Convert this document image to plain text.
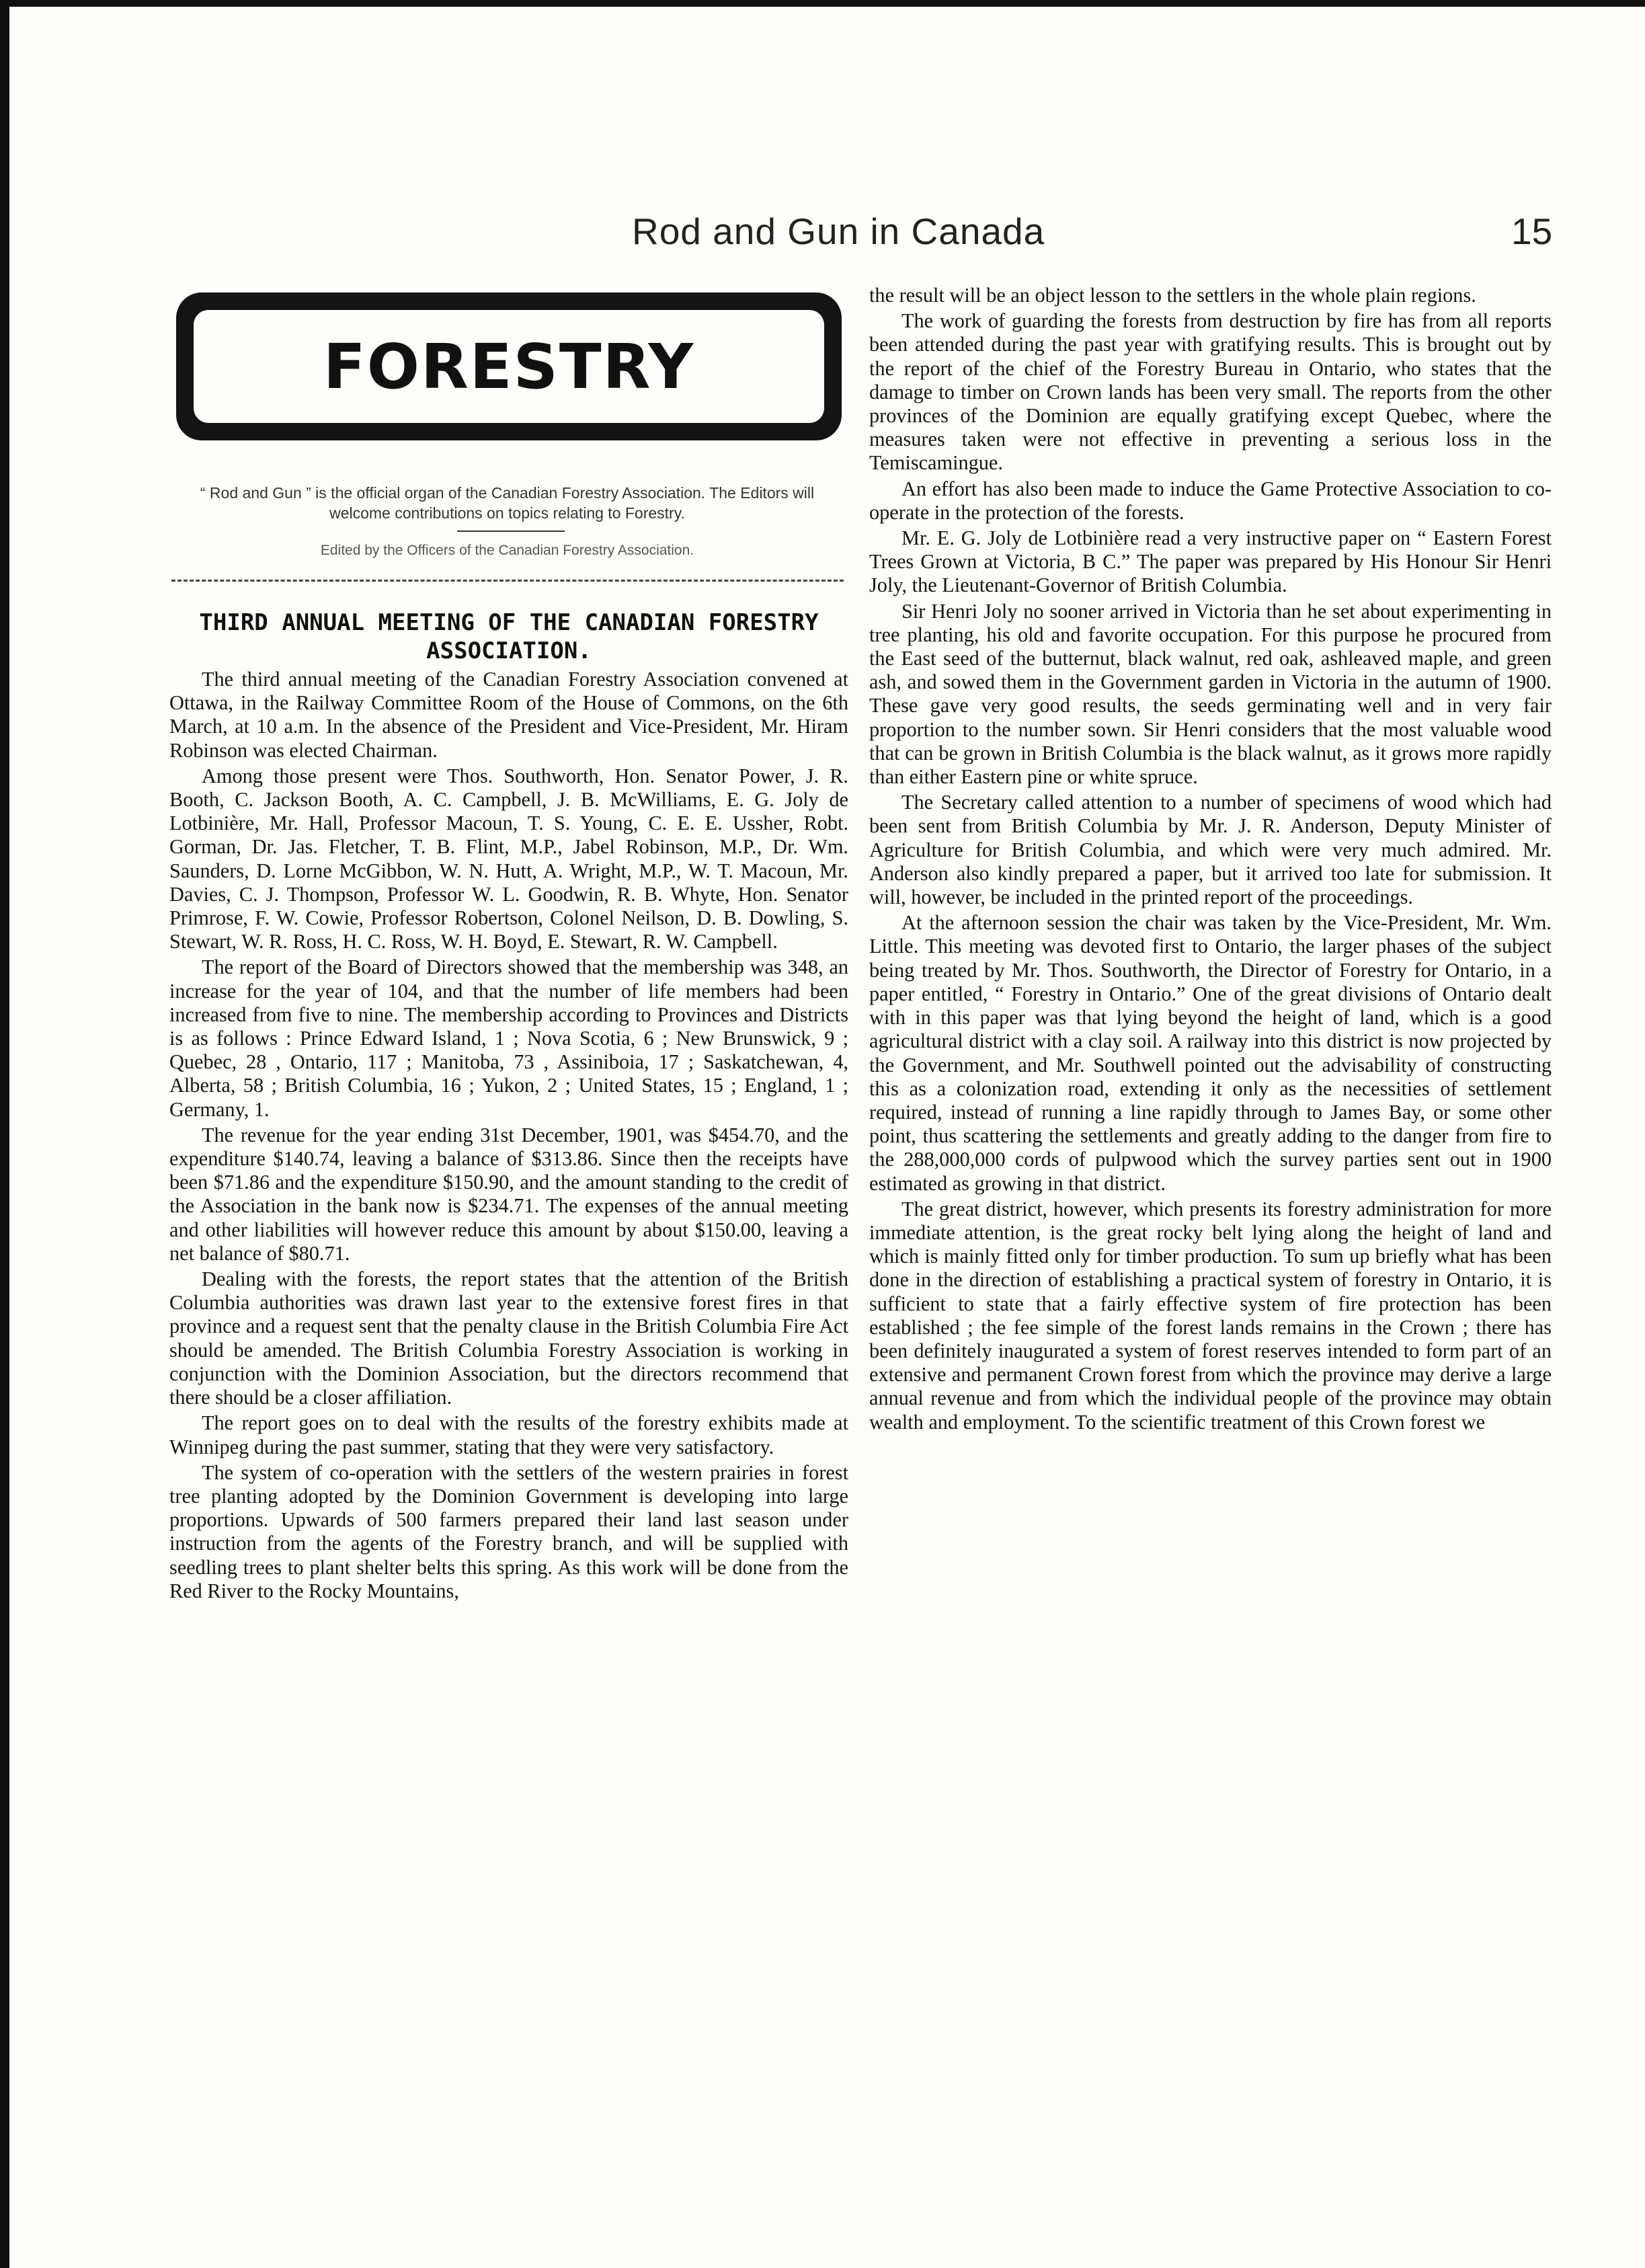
Rod and Gun in Canada	15
FORESTRY
“ Rod and Gun ” is the official organ of the Canadian Forestry Association. The Editors will welcome contributions on topics relating to Forestry.
Edited by the Officers of the Canadian Forestry Association.
THIRD ANNUAL MEETING OF THE CANADIAN FORESTRY ASSOCIATION.

The third annual meeting of the Canadian Forestry Association convened at Ottawa, in the Railway Committee Room of the House of Commons, on the 6th March, at 10 a.m. In the absence of the President and Vice-President, Mr. Hiram Robinson was elected Chairman.

Among those present were Thos. Southworth, Hon. Senator Power, J. R. Booth, C. Jackson Booth, A. C. Campbell, J. B. McWilliams, E. G. Joly de Lotbinière, Mr. Hall, Professor Macoun, T. S. Young, C. E. E. Ussher, Robt. Gorman, Dr. Jas. Fletcher, T. B. Flint, M.P., Jabel Robinson, M.P., Dr. Wm. Saunders, D. Lorne McGibbon, W. N. Hutt, A. Wright, M.P., W. T. Macoun, Mr. Davies, C. J. Thompson, Professor W. L. Goodwin, R. B. Whyte, Hon. Senator Primrose, F. W. Cowie, Professor Robertson, Colonel Neilson, D. B. Dowling, S. Stewart, W. R. Ross, H. C. Ross, W. H. Boyd, E. Stewart, R. W. Campbell.

The report of the Board of Directors showed that the membership was 348, an increase for the year of 104, and that the number of life members had been increased from five to nine. The membership according to Provinces and Districts is as follows : Prince Edward Island, 1 ; Nova Scotia, 6 ; New Brunswick, 9 ; Quebec, 28 , Ontario, 117 ; Manitoba, 73 , Assiniboia, 17 ; Saskatchewan, 4, Alberta, 58 ; British Columbia, 16 ; Yukon, 2 ; United States, 15 ; England, 1 ; Germany, 1.

The revenue for the year ending 31st December, 1901, was $454.70, and the expenditure $140.74, leaving a balance of $313.86. Since then the receipts have been $71.86 and the expenditure $150.90, and the amount standing to the credit of the Association in the bank now is $234.71. The expenses of the annual meeting and other liabilities will however reduce this amount by about $150.00, leaving a net balance of $80.71.

Dealing with the forests, the report states that the attention of the British Columbia authorities was drawn last year to the extensive forest fires in that province and a request sent that the penalty clause in the British Columbia Fire Act should be amended. The British Columbia Forestry Association is working in conjunction with the Dominion Association, but the directors recommend that there should be a closer affiliation.

The report goes on to deal with the results of the forestry exhibits made at Winnipeg during the past summer, stating that they were very satisfactory.

The system of co-operation with the settlers of the western prairies in forest tree planting adopted by the Dominion Government is developing into large proportions. Upwards of 500 farmers prepared their land last season under instruction from the agents of the Forestry branch, and will be supplied with seedling trees to plant shelter belts this spring. As this work will be done from the Red River to the Rocky Mountains,

the result will be an object lesson to the settlers in the whole plain regions.

The work of guarding the forests from destruction by fire has from all reports been attended during the past year with gratifying results. This is brought out by the report of the chief of the Forestry Bureau in Ontario, who states that the damage to timber on Crown lands has been very small. The reports from the other provinces of the Dominion are equally gratifying except Quebec, where the measures taken were not effective in preventing a serious loss in the Temiscamingue.

An effort has also been made to induce the Game Protective Association to co-operate in the protection of the forests.

Mr. E. G. Joly de Lotbinière read a very instructive paper on “ Eastern Forest Trees Grown at Victoria, B C.” The paper was prepared by His Honour Sir Henri Joly, the Lieutenant-Governor of British Columbia.

Sir Henri Joly no sooner arrived in Victoria than he set about experimenting in tree planting, his old and favorite occupation. For this purpose he procured from the East seed of the butternut, black walnut, red oak, ashleaved maple, and green ash, and sowed them in the Government garden in Victoria in the autumn of 1900. These gave very good results, the seeds germinating well and in very fair proportion to the number sown. Sir Henri considers that the most valuable wood that can be grown in British Columbia is the black walnut, as it grows more rapidly than either Eastern pine or white spruce.

The Secretary called attention to a number of specimens of wood which had been sent from British Columbia by Mr. J. R. Anderson, Deputy Minister of Agriculture for British Columbia, and which were very much admired. Mr. Anderson also kindly prepared a paper, but it arrived too late for submission. It will, however, be included in the printed report of the proceedings.

At the afternoon session the chair was taken by the Vice-President, Mr. Wm. Little. This meeting was devoted first to Ontario, the larger phases of the subject being treated by Mr. Thos. Southworth, the Director of Forestry for Ontario, in a paper entitled, “ Forestry in Ontario.” One of the great divisions of Ontario dealt with in this paper was that lying beyond the height of land, which is a good agricultural district with a clay soil. A railway into this district is now projected by the Government, and Mr. Southwell pointed out the advisability of constructing this as a colonization road, extending it only as the necessities of settlement required, instead of running a line rapidly through to James Bay, or some other point, thus scattering the settlements and greatly adding to the danger from fire to the 288,000,000 cords of pulpwood which the survey parties sent out in 1900 estimated as growing in that district.

The great district, however, which presents its forestry administration for more immediate attention, is the great rocky belt lying along the height of land and which is mainly fitted only for timber production. To sum up briefly what has been done in the direction of establishing a practical system of forestry in Ontario, it is sufficient to state that a fairly effective system of fire protection has been established ; the fee simple of the forest lands remains in the Crown ; there has been definitely inaugurated a system of forest reserves intended to form part of an extensive and permanent Crown forest from which the province may derive a large annual revenue and from which the individual people of the province may obtain wealth and employment. To the scientific treatment of this Crown forest we
